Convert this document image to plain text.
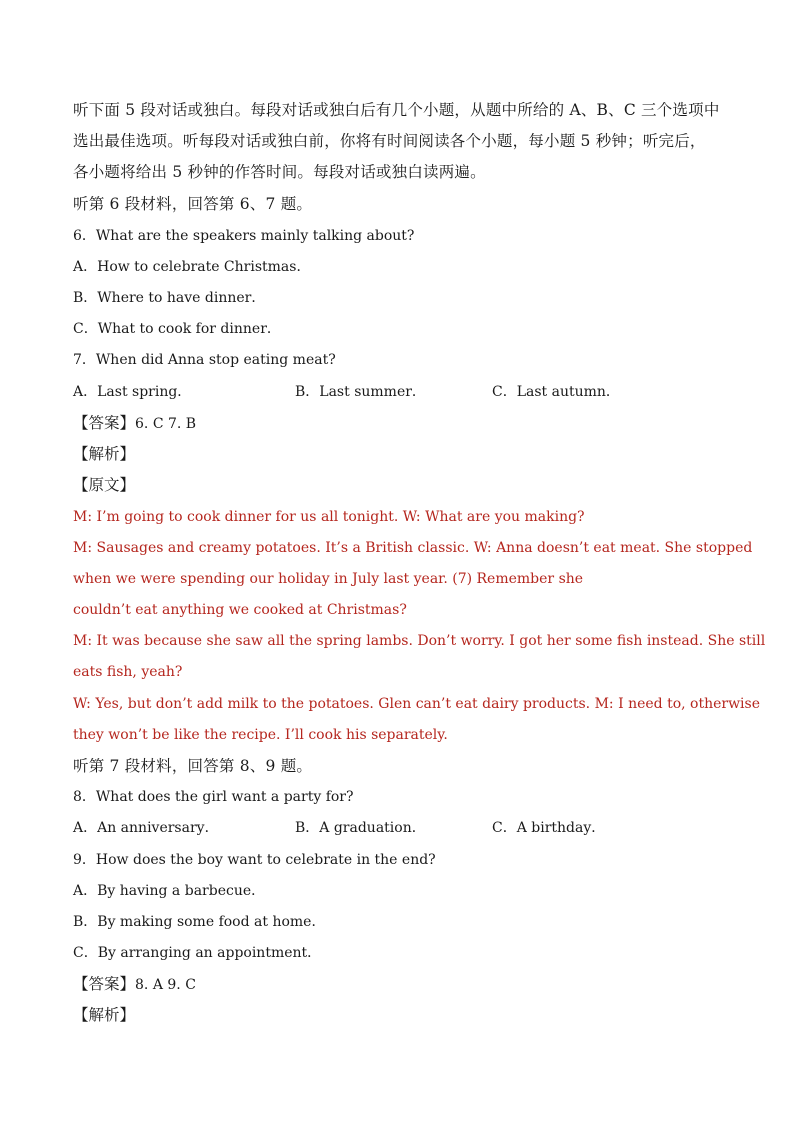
听下面 5 段对话或独白。每段对话或独白后有几个小题，从题中所给的 A、B、C 三个选项中
选出最佳选项。听每段对话或独白前，你将有时间阅读各个小题，每小题 5 秒钟；听完后，
各小题将给出 5 秒钟的作答时间。每段对话或独白读两遍。
听第 6 段材料，回答第 6、7 题。
6．What are the speakers mainly talking about?
A．How to celebrate Christmas．
B．Where to have dinner．
C．What to cook for dinner．
7．When did Anna stop eating meat?
A．Last spring．	B．Last summer．	C．Last autumn．
【答案】6. C 7. B
【解析】
【原文】
M: I’m going to cook dinner for us all tonight. W: What are you making?
M: Sausages and creamy potatoes. It’s a British classic. W: Anna doesn’t eat meat. She stopped
when we were spending our holiday in July last year. (7) Remember she
couldn’t eat anything we cooked at Christmas?
M: It was because she saw all the spring lambs. Don’t worry. I got her some fish instead. She still
eats fish, yeah?
W: Yes, but don’t add milk to the potatoes. Glen can’t eat dairy products. M: I need to, otherwise
they won’t be like the recipe. I’ll cook his separately.
听第 7 段材料，回答第 8、9 题。
8．What does the girl want a party for?
A．An anniversary．	B．A graduation．	C．A birthday．
9．How does the boy want to celebrate in the end?
A．By having a barbecue．
B．By making some food at home．
C．By arranging an appointment．
【答案】8. A 9. C
【解析】
